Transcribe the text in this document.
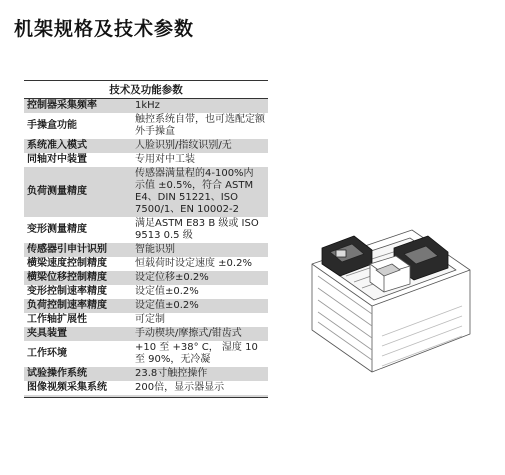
机架规格及技术参数
技术及功能参数
控制器采集频率	1kHz
手操盒功能	触控系统自带，也可选配定额外手操盒
系统准入模式	人脸识别/指纹识别/无
同轴对中装置	专用对中工装
负荷测量精度	传感器满量程的4-100%内 示值 ±0.5%，符合 ASTM E4、DIN 51221、ISO 7500/1、EN 10002-2
变形测量精度	满足ASTM E83 B 级或 ISO 9513 0.5 级
传感器引申计识别	智能识别
横梁速度控制精度	恒载荷时设定速度 ±0.2%
横梁位移控制精度	设定位移±0.2%
变形控制速率精度	设定值±0.2%
负荷控制速率精度	设定值±0.2%
工作轴扩展性	可定制
夹具装置	手动楔块/摩擦式/钳齿式
工作环境	+10 至 +38° C， 湿度 10 至 90%，无冷凝
试验操作系统	23.8寸触控操作
图像视频采集系统	200倍，显示器显示
